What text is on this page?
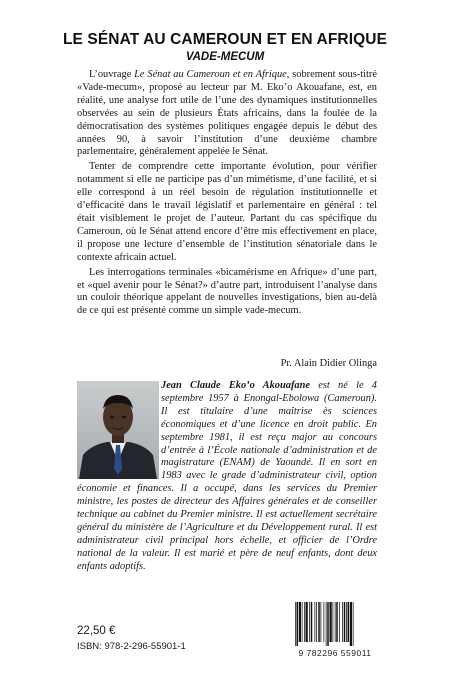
LE SÉNAT AU CAMEROUN ET EN AFRIQUE
VADE-MECUM

L’ouvrage Le Sénat au Cameroun et en Afrique, sobrement sous-titré «Vade-mecum», proposé au lecteur par M. Eko’o Akouafane, est, en réalité, une analyse fort utile de l’une des dynamiques institutionnelles observées au sein de plusieurs États africains, dans la foulée de la démocratisation des systèmes politiques engagée depuis le début des années 90, à savoir l’institution d’une deuxième chambre parlementaire, généralement appelée le Sénat.

Tenter de comprendre cette importante évolution, pour vérifier notamment si elle ne participe pas d’un mimétisme, d’une facilité, et si elle correspond à un réel besoin de régulation institutionnelle et d’efficacité dans le travail législatif et parlementaire en général : tel était visiblement le projet de l’auteur. Partant du cas spécifique du Cameroun, où le Sénat attend encore d’être mis effectivement en place, il propose une lecture d’ensemble de l’institution sénatoriale dans le contexte africain actuel.

Les interrogations terminales «bicamérisme en Afrique» d’une part, et «quel avenir pour le Sénat?» d’autre part, introduisent l’analyse dans un couloir théorique appelant de nouvelles investigations, bien au-delà de ce qui est présenté comme un simple vade-mecum.

Pr. Alain Didier Olinga
Jean Claude Eko’o Akouafane est né le 4 septembre 1957 à Enongal-Ebolowa (Cameroun). Il est titulaire d’une maîtrise ès sciences économiques et d’une licence en droit public. En septembre 1981, il est reçu major au concours d’entrée à l’École nationale d’administration et de magistrature (ENAM) de Yaoundé. Il en sort en 1983 avec le grade d’administrateur civil, option économie et finances. Il a occupé, dans les services du Premier ministre, les postes de directeur des Affaires générales et de conseiller technique au cabinet du Premier ministre. Il est actuellement secrétaire général du ministère de l’Agriculture et du Développement rural. Il est administrateur civil principal hors échelle, et officier de l’Ordre national de la valeur. Il est marié et père de neuf enfants, dont deux enfants adoptifs.
22,50 €
ISBN: 978-2-296-55901-1
9 782296 559011
